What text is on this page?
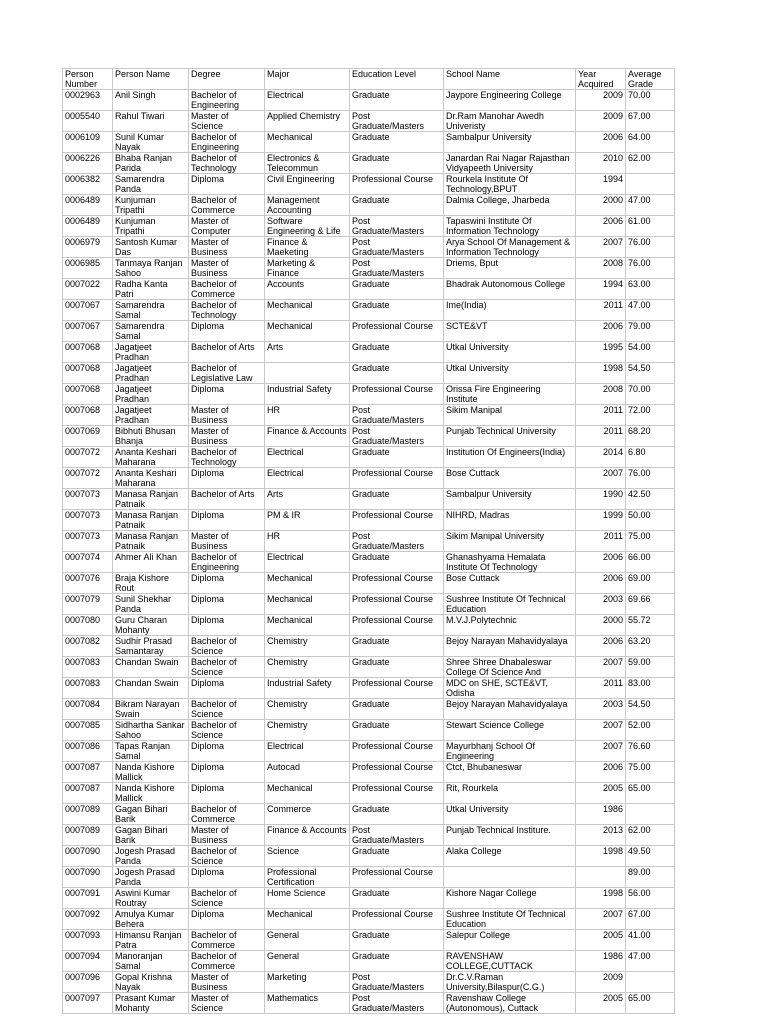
Person Number	Person Name	Degree	Major	Education Level	School Name	Year Acquired	Average Grade
0002963	Anil Singh	Bachelor of Engineering	Electrical	Graduate	Jaypore Engineering College	2009	70.00
0005540	Rahul Tiwari	Master of Science	Applied Chemistry	Post Graduate/Masters	Dr.Ram Manohar Awedh Univeristy	2009	67.00
0006109	Sunil Kumar Nayak	Bachelor of Engineering	Mechanical	Graduate	Sambalpur University	2006	64.00
0006226	Bhaba Ranjan Parida	Bachelor of Technology	Electronics & Telecommun	Graduate	Janardan Rai Nagar Rajasthan Vidyapeeth University	2010	62.00
0006382	Samarendra Panda	Diploma	Civil Engineering	Professional Course	Rourkela Institute Of Technology,BPUT	1994	
0006489	Kunjuman Tripathi	Bachelor of Commerce	Management Accounting	Graduate	Dalmia College, Jharbeda	2000	47.00
0006489	Kunjuman Tripathi	Master of Computer	Software Engineering & Life	Post Graduate/Masters	Tapaswini Institute Of Information Technology	2006	61.00
0006979	Santosh Kumar Das	Master of Business	Finance & Maeketing	Post Graduate/Masters	Arya School Of Management & Information Technology	2007	76.00
0006985	Tanmaya Ranjan Sahoo	Master of Business	Marketing & Finance	Post Graduate/Masters	Driems, Bput	2008	76.00
0007022	Radha Kanta Patri	Bachelor of Commerce	Accounts	Graduate	Bhadrak Autonomous College	1994	63.00
0007067	Samarendra Samal	Bachelor of Technology	Mechanical	Graduate	Ime(India)	2011	47.00
0007067	Samarendra Samal	Diploma	Mechanical	Professional Course	SCTE&VT	2006	79.00
0007068	Jagatjeet Pradhan	Bachelor of Arts	Arts	Graduate	Utkal University	1995	54.00
0007068	Jagatjeet Pradhan	Bachelor of Legislative Law		Graduate	Utkal University	1998	54.50
0007068	Jagatjeet Pradhan	Diploma	Industrial Safety	Professional Course	Orissa Fire Engineering Institute	2008	70.00
0007068	Jagatjeet Pradhan	Master of Business	HR	Post Graduate/Masters	Sikim Manipal	2011	72.00
0007069	Bibhuti Bhusan Bhanja	Master of Business	Finance & Accounts	Post Graduate/Masters	Punjab Technical University	2011	68.20
0007072	Ananta Keshari Maharana	Bachelor of Technology	Electrical	Graduate	Institution Of Engineers(India)	2014	6.80
0007072	Ananta Keshari Maharana	Diploma	Electrical	Professional Course	Bose Cuttack	2007	76.00
0007073	Manasa Ranjan Patnaik	Bachelor of Arts	Arts	Graduate	Sambalpur University	1990	42.50
0007073	Manasa Ranjan Patnaik	Diploma	PM & IR	Professional Course	NIHRD, Madras	1999	50.00
0007073	Manasa Ranjan Patnaik	Master of Business	HR	Post Graduate/Masters	Sikim Manipal University	2011	75.00
0007074	Ahmer Ali Khan	Bachelor of Engineering	Electrical	Graduate	Ghanashyama Hemalata Institute Of Technology	2006	66.00
0007076	Braja Kishore Rout	Diploma	Mechanical	Professional Course	Bose Cuttack	2006	69.00
0007079	Sunil Shekhar Panda	Diploma	Mechanical	Professional Course	Sushree Institute Of Technical Education	2003	69.66
0007080	Guru Charan Mohanty	Diploma	Mechanical	Professional Course	M.V.J.Polytechnic	2000	55.72
0007082	Sudhir Prasad Samantaray	Bachelor of Science	Chemistry	Graduate	Bejoy Narayan Mahavidyalaya	2006	63.20
0007083	Chandan Swain	Bachelor of Science	Chemistry	Graduate	Shree Shree Dhabaleswar College Of Science And	2007	59.00
0007083	Chandan Swain	Diploma	Industrial Safety	Professional Course	MDC on SHE, SCTE&VT, Odisha	2011	83.00
0007084	Bikram Narayan Swain	Bachelor of Science	Chemistry	Graduate	Bejoy Narayan Mahavidyalaya	2003	54.50
0007085	Sidhartha Sankar Sahoo	Bachelor of Science	Chemistry	Graduate	Stewart Science College	2007	52.00
0007086	Tapas Ranjan Samal	Diploma	Electrical	Professional Course	Mayurbhanj School Of Engineering	2007	76.60
0007087	Nanda Kishore Mallick	Diploma	Autocad	Professional Course	Ctct, Bhubaneswar	2006	75.00
0007087	Nanda Kishore Mallick	Diploma	Mechanical	Professional Course	Rit, Rourkela	2005	65.00
0007089	Gagan Bihari Barik	Bachelor of Commerce	Commerce	Graduate	Utkal University	1986	
0007089	Gagan Bihari Barik	Master of Business	Finance & Accounts	Post Graduate/Masters	Punjab Technical Institure.	2013	62.00
0007090	Jogesh Prasad Panda	Bachelor of Science	Science	Graduate	Alaka College	1998	49.50
0007090	Jogesh Prasad Panda	Diploma	Professional Certification	Professional Course			89.00
0007091	Aswini Kumar Routray	Bachelor of Science	Home Science	Graduate	Kishore Nagar College	1998	56.00
0007092	Amulya Kumar Behera	Diploma	Mechanical	Professional Course	Sushree Institute Of Technical Education	2007	67.00
0007093	Himansu Ranjan Patra	Bachelor of Commerce	General	Graduate	Salepur College	2005	41.00
0007094	Manoranjan Samal	Bachelor of Commerce	General	Graduate	RAVENSHAW COLLEGE,CUTTACK	1986	47.00
0007096	Gopal Krishna Nayak	Master of Business	Marketing	Post Graduate/Masters	Dr.C.V.Raman University,Bilaspur(C.G.)	2009	
0007097	Prasant Kumar Mohanty	Master of Science	Mathematics	Post Graduate/Masters	Ravenshaw College (Autonomous), Cuttack	2005	65.00
